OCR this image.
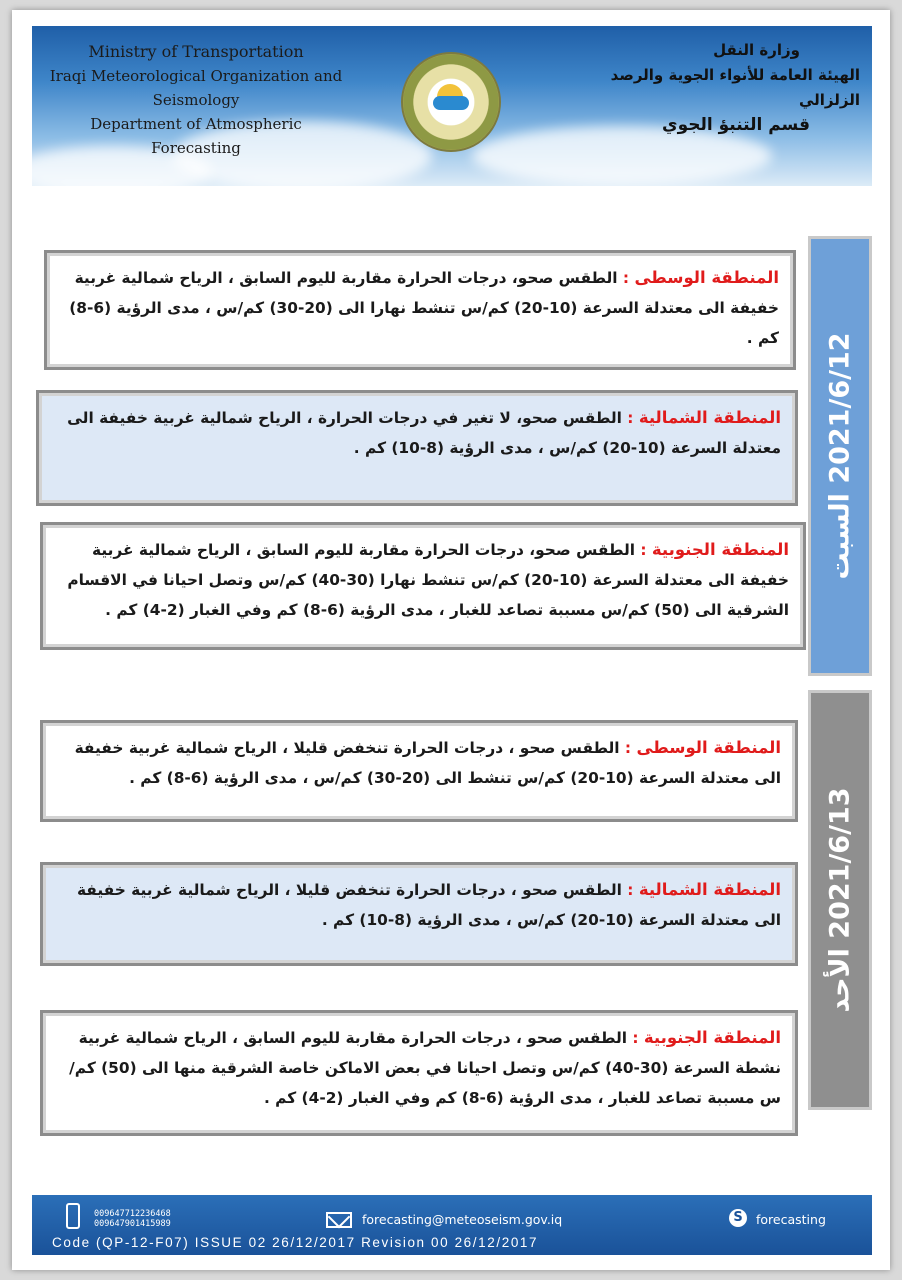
Ministry of Transportation
Iraqi Meteorological Organization and Seismology
Department of Atmospheric Forecasting
وزارة النقل
الهيئة العامة للأنواء الجوية والرصد الزلزالي
قسم التنبؤ الجوي
2021/6/12 السبت
2021/6/13 الأحد
المنطقة الوسطى : الطقس صحو، درجات الحرارة مقاربة لليوم السابق ، الرياح شمالية غربية خفيفة الى معتدلة السرعة (10-20) كم/س تنشط نهارا الى (20-30) كم/س ، مدى الرؤية (6-8) كم .
المنطقة الشمالية : الطقس صحو، لا تغير في درجات الحرارة ، الرياح شمالية غربية خفيفة الى معتدلة السرعة (10-20) كم/س ، مدى الرؤية (8-10) كم .
المنطقة الجنوبية : الطقس صحو، درجات الحرارة مقاربة لليوم السابق ، الرياح شمالية غربية خفيفة الى معتدلة السرعة (10-20) كم/س تنشط نهارا (30-40) كم/س وتصل احيانا في الاقسام الشرقية الى (50) كم/س مسببة تصاعد للغبار ، مدى الرؤية (6-8) كم وفي الغبار (2-4) كم .
المنطقة الوسطى : الطقس صحو ، درجات الحرارة تنخفض قليلا ، الرياح شمالية غربية خفيفة الى معتدلة السرعة (10-20) كم/س تنشط الى (20-30) كم/س ، مدى الرؤية (6-8) كم .
المنطقة الشمالية : الطقس صحو ، درجات الحرارة تنخفض قليلا ، الرياح شمالية غربية خفيفة الى معتدلة السرعة (10-20) كم/س ، مدى الرؤية (8-10) كم .
المنطقة الجنوبية : الطقس صحو ، درجات الحرارة مقاربة لليوم السابق ، الرياح شمالية غربية نشطة السرعة (30-40) كم/س وتصل احيانا في بعض الاماكن خاصة الشرقية منها الى (50) كم/س مسببة تصاعد للغبار ، مدى الرؤية (6-8) كم وفي الغبار (2-4) كم .
009647712236468
009647901415989	forecasting@meteoseism.gov.iq	S	forecasting
Code (QP-12-F07) ISSUE 02 26/12/2017 Revision 00 26/12/2017
